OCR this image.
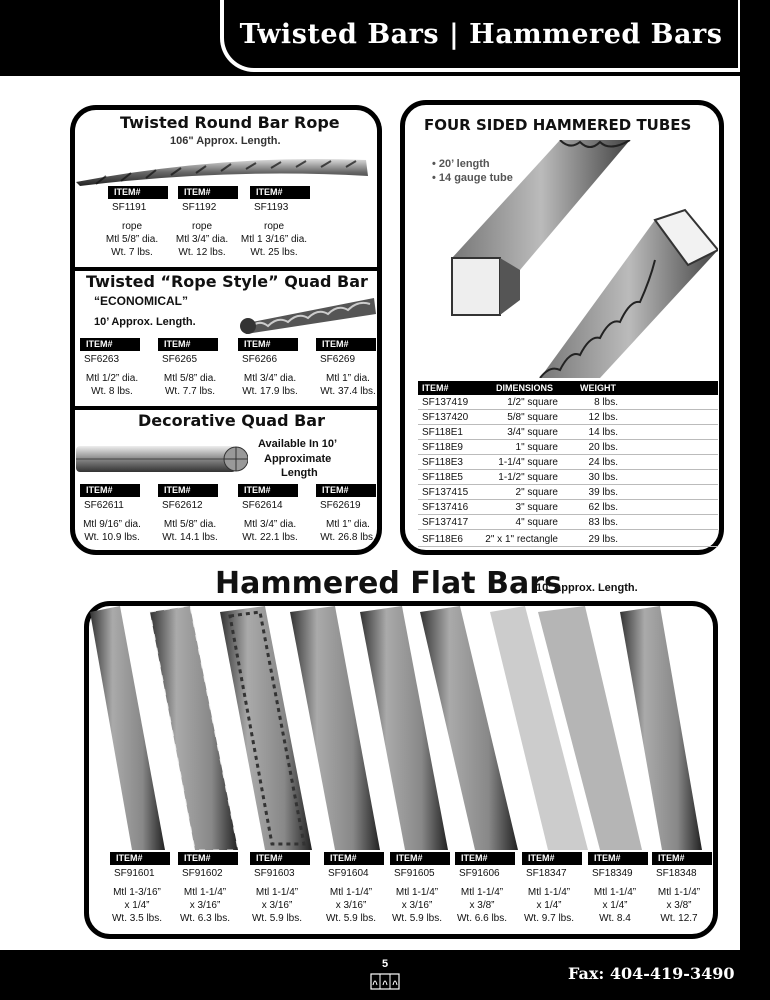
Twisted Bars | Hammered Bars
5	Fax: 404-419-3490
Twisted Round Bar Rope
106" Approx. Length.
ITEM#
SF1191
rope
Mtl 5/8” dia.
Wt. 7 lbs.
ITEM#
SF1192
rope
Mtl 3/4” dia.
Wt. 12 lbs.
ITEM#
SF1193
rope
Mtl 1 3/16” dia.
Wt. 25 lbs.
Twisted “Rope Style” Quad Bar
“ECONOMICAL”
10’ Approx. Length.
ITEM#
SF6263
Mtl 1/2” dia.
Wt. 8 lbs.
ITEM#
SF6265
Mtl 5/8” dia.
Wt. 7.7 lbs.
ITEM#
SF6266
Mtl 3/4” dia.
Wt. 17.9 lbs.
ITEM#
SF6269
Mtl 1” dia.
Wt. 37.4 lbs.
Decorative Quad Bar
Available In 10’
Approximate
Length
ITEM#
SF62611
Mtl 9/16” dia.
Wt. 10.9 lbs.
ITEM#
SF62612
Mtl 5/8” dia.
Wt. 14.1 lbs.
ITEM#
SF62614
Mtl 3/4” dia.
Wt. 22.1 lbs.
ITEM#
SF62619
Mtl 1” dia.
Wt. 26.8 lbs.
FOUR SIDED HAMMERED TUBES
• 20’ length
• 14 gauge tube
ITEM#	DIMENSIONS	WEIGHT
SF137419	1/2" square	8 lbs.
SF137420	5/8" square	12 lbs.
SF118E1	3/4" square	14 lbs.
SF118E9	1" square	20 lbs.
SF118E3	1-1/4" square	24 lbs.
SF118E5	1-1/2" square	30 lbs.
SF137415	2" square	39 lbs.
SF137416	3" square	62 lbs.
SF137417	4" square	83 lbs.
SF118E6 2" x 1" rectangle	29 lbs.
Hammered Flat Bars
10’ Approx. Length.
ITEM#
SF91601
Mtl 1-3/16”
x 1/4”
Wt. 3.5 lbs.
ITEM#
SF91602
Mtl 1-1/4”
x 3/16”
Wt. 6.3 lbs.
ITEM#
SF91603
Mtl 1-1/4”
x 3/16”
Wt. 5.9 lbs.
ITEM#
SF91604
Mtl 1-1/4”
x 3/16”
Wt. 5.9 lbs.
ITEM#
SF91605
Mtl 1-1/4”
x 3/16”
Wt. 5.9 lbs.
ITEM#
SF91606
Mtl 1-1/4”
x 3/8”
Wt. 6.6 lbs.
ITEM#
SF18347
Mtl 1-1/4”
x 1/4”
Wt. 9.7 lbs.
ITEM#
SF18349
Mtl 1-1/4”
x 1/4”
Wt. 8.4
ITEM#
SF18348
Mtl 1-1/4”
x 3/8”
Wt. 12.7
